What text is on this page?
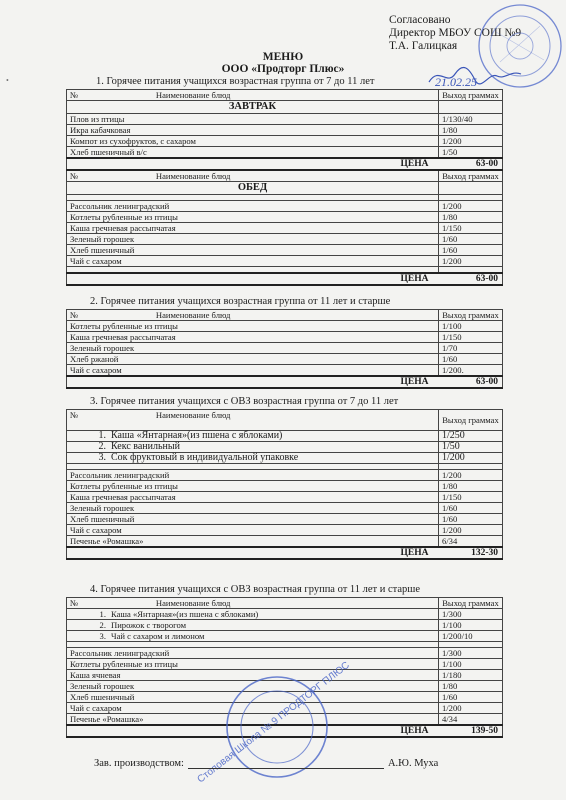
•
Согласовано
Директор МБОУ СОШ №9
Т.А. Галицкая
21.02.25
МЕНЮ
ООО «Продторг Плюс»
1. Горячее питания учащихся возрастная группа от 7 до 11 лет
№ Наименование блюд	Выход граммах
ЗАВТРАК	
Плов из птицы	1/130/40
Икра кабачковая	1/80
Компот из сухофруктов, с сахаром	1/200
Хлеб пшеничный в/с	1/50
ЦЕНА	63-00
№ Наименование блюд	Выход граммах
ОБЕД	

Рассольник ленинградский	1/200
Котлеты рубленные из птицы	1/80
Каша гречневая рассыпчатая	1/150
Зеленый горошек	1/60
Хлеб пшеничный	1/60
Чай с сахаром	1/200

ЦЕНА	63-00
2. Горячее питания учащихся возрастная группа от 11 лет и старше
№ Наименование блюд	Выход граммах
Котлеты рубленные из птицы	1/100
Каша гречневая рассыпчатая	1/150
Зеленый горошек	1/70
Хлеб ржаной	1/60
Чай с сахаром	1/200.
ЦЕНА	63-00
3. Горячее питания учащихся с ОВЗ возрастная группа от 7 до 11 лет
№ Наименование блюд	Выход граммах
1. Каша «Янтарная»(из пшена с яблоками)	1/250
2. Кекс ванильный	1/50
3. Сок фруктовый в индивидуальной упаковке	1/200

Рассольник ленинградский	1/200
Котлеты рубленные из птицы	1/80
Каша гречневая рассыпчатая	1/150
Зеленый горошек	1/60
Хлеб пшеничный	1/60
Чай с сахаром	1/200
Печенье «Ромашка»	6/34
ЦЕНА	132-30
4. Горячее питания учащихся с ОВЗ возрастная группа от 11 лет и старше
№ Наименование блюд	Выход граммах
1. Каша «Янтарная»(из пшена с яблоками)	1/300
2. Пирожок с творогом	1/100
3. Чай с сахаром и лимоном	1/200/10

Рассольник ленинградский	1/300
Котлеты рубленные из птицы	1/100
Каша ячневая	1/180
Зеленый горошек	1/80
Хлеб пшеничный	1/60
Чай с сахаром	1/200
Печенье «Ромашка»	4/34
ЦЕНА	139-50
Столовая Школа № 9 ПРОДТОРГ ПЛЮС
Зав. производством:	А.Ю. Муха
